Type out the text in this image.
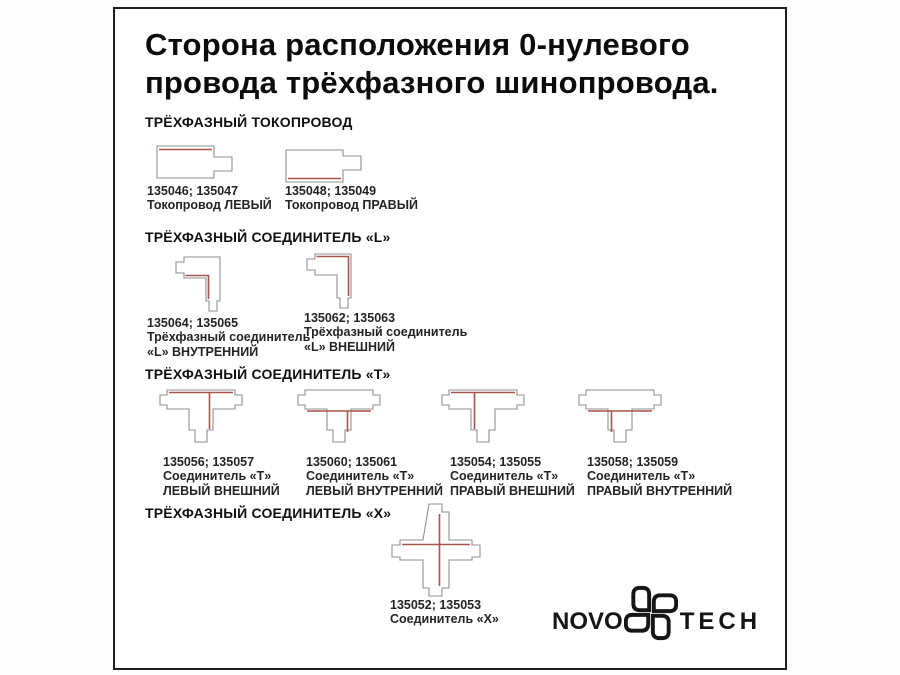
Сторона расположения 0-нулевого
провода трёхфазного шинопровода.
ТРЁХФАЗНЫЙ ТОКОПРОВОД
135046; 135047
Токопровод ЛЕВЫЙ
135048; 135049
Токопровод ПРАВЫЙ
ТРЁХФАЗНЫЙ СОЕДИНИТЕЛЬ «L»
135064; 135065
Трёхфазный соединитель
«L» ВНУТРЕННИЙ
135062; 135063
Трёхфазный соединитель
«L» ВНЕШНИЙ
ТРЁХФАЗНЫЙ СОЕДИНИТЕЛЬ «Т»
135056; 135057
Соединитель «Т»
ЛЕВЫЙ ВНЕШНИЙ
135060; 135061
Соединитель «Т»
ЛЕВЫЙ ВНУТРЕННИЙ
135054; 135055
Соединитель «Т»
ПРАВЫЙ ВНЕШНИЙ
135058; 135059
Соединитель «Т»
ПРАВЫЙ ВНУТРЕННИЙ
ТРЁХФАЗНЫЙ СОЕДИНИТЕЛЬ «Х»
135052; 135053
Соединитель «Х» NOVO TECH
